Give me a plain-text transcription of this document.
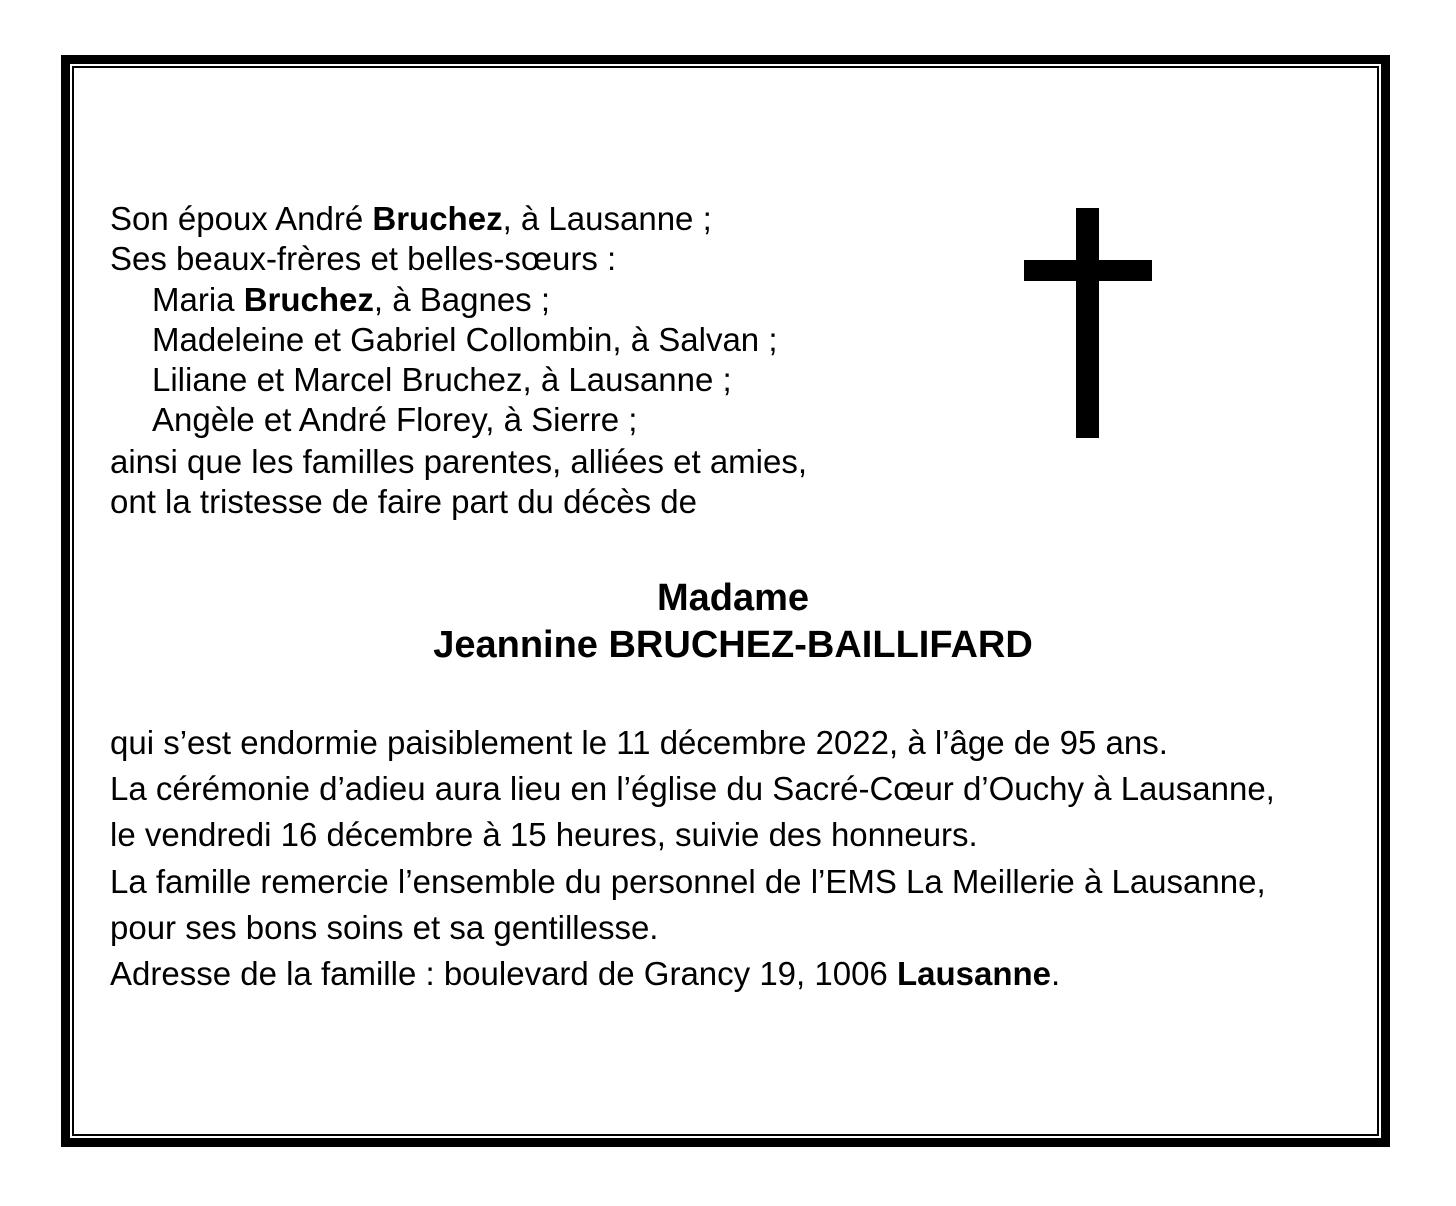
Son époux André Bruchez, à Lausanne ;
Ses beaux-frères et belles-sœurs :
Maria Bruchez, à Bagnes ;
Madeleine et Gabriel Collombin, à Salvan ;
Liliane et Marcel Bruchez, à Lausanne ;
Angèle et André Florey, à Sierre ;
ainsi que les familles parentes, alliées et amies,
ont la tristesse de faire part du décès de
Madame
Jeannine BRUCHEZ-BAILLIFARD
qui s’est endormie paisiblement le 11 décembre 2022, à l’âge de 95 ans.
La cérémonie d’adieu aura lieu en l’église du Sacré-Cœur d’Ouchy à Lausanne,
le vendredi 16 décembre à 15 heures, suivie des honneurs.
La famille remercie l’ensemble du personnel de l’EMS La Meillerie à Lausanne,
pour ses bons soins et sa gentillesse.
Adresse de la famille : boulevard de Grancy 19, 1006 Lausanne.
